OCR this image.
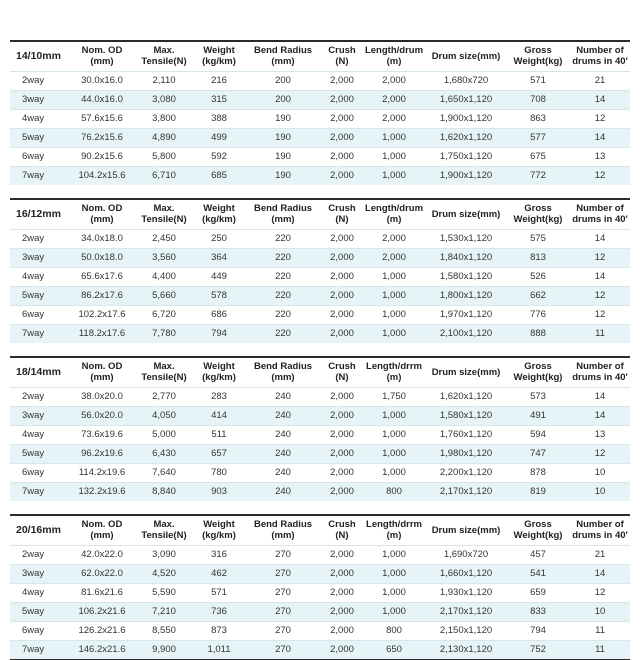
14/10mm	Nom. OD (mm)	Max. Tensile(N)	Weight (kg/km)	Bend Radius (mm)	Crush (N)	Length/drum (m)	Drum size(mm)	Gross Weight(kg)	Number of drums in 40'
2way	30.0x16.0	2,110	216	200	2,000	2,000	1,680x720	571	21
3way	44.0x16.0	3,080	315	200	2,000	2,000	1,650x1,120	708	14
4way	57.6x15.6	3,800	388	190	2,000	2,000	1,900x1,120	863	12
5way	76.2x15.6	4,890	499	190	2,000	1,000	1,620x1,120	577	14
6way	90.2x15.6	5,800	592	190	2,000	1,000	1,750x1,120	675	13
7way	104.2x15.6	6,710	685	190	2,000	1,000	1,900x1,120	772	12
16/12mm	Nom. OD (mm)	Max. Tensile(N)	Weight (kg/km)	Bend Radius (mm)	Crush (N)	Length/drum (m)	Drum size(mm)	Gross Weight(kg)	Number of drums in 40'
2way	34.0x18.0	2,450	250	220	2,000	2,000	1,530x1,120	575	14
3way	50.0x18.0	3,560	364	220	2,000	2,000	1,840x1,120	813	12
4way	65.6x17.6	4,400	449	220	2,000	1,000	1,580x1,120	526	14
5way	86.2x17.6	5,660	578	220	2,000	1,000	1,800x1,120	662	12
6way	102.2x17.6	6,720	686	220	2,000	1,000	1,970x1,120	776	12
7way	118.2x17.6	7,780	794	220	2,000	1,000	2,100x1,120	888	11
18/14mm	Nom. OD (mm)	Max. Tensile(N)	Weight (kg/km)	Bend Radius (mm)	Crush (N)	Length/drrm (m)	Drum size(mm)	Gross Weight(kg)	Number of drums in 40'
2way	38.0x20.0	2,770	283	240	2,000	1,750	1,620x1,120	573	14
3way	56.0x20.0	4,050	414	240	2,000	1,000	1,580x1,120	491	14
4way	73.6x19.6	5,000	511	240	2,000	1,000	1,760x1,120	594	13
5way	96.2x19.6	6,430	657	240	2,000	1,000	1,980x1,120	747	12
6way	114.2x19.6	7,640	780	240	2,000	1,000	2,200x1,120	878	10
7way	132.2x19.6	8,840	903	240	2,000	800	2,170x1,120	819	10
20/16mm	Nom. OD (mm)	Max. Tensile(N)	Weight (kg/km)	Bend Radius (mm)	Crush (N)	Length/drrm (m)	Drum size(mm)	Gross Weight(kg)	Number of drums in 40'
2way	42.0x22.0	3,090	316	270	2,000	1,000	1,690x720	457	21
3way	62.0x22.0	4,520	462	270	2,000	1,000	1,660x1,120	541	14
4way	81.6x21.6	5,590	571	270	2,000	1,000	1,930x1,120	659	12
5way	106.2x21.6	7,210	736	270	2,000	1,000	2,170x1,120	833	10
6way	126.2x21.6	8,550	873	270	2,000	800	2,150x1,120	794	11
7way	146.2x21.6	9,900	1,011	270	2,000	650	2,130x1,120	752	11
